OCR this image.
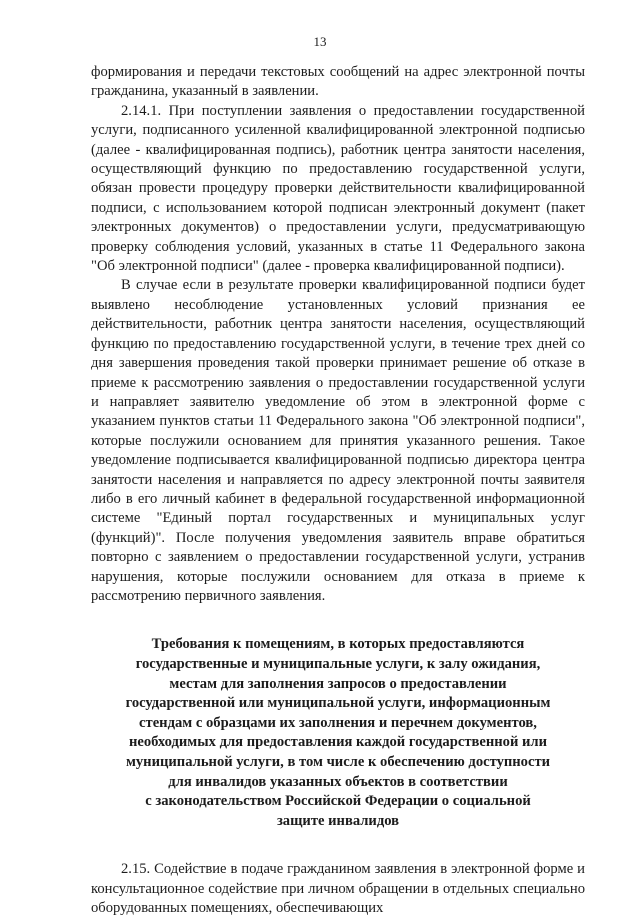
13

формирования и передачи текстовых сообщений на адрес электронной почты гражданина, указанный в заявлении.

2.14.1. При поступлении заявления о предоставлении государственной услуги, подписанного усиленной квалифицированной электронной подписью (далее - квалифицированная подпись), работник центра занятости населения, осуществляющий функцию по предоставлению государственной услуги, обязан провести процедуру проверки действительности квалифицированной подписи, с использованием которой подписан электронный документ (пакет электронных документов) о предоставлении услуги, предусматривающую проверку соблюдения условий, указанных в статье 11 Федерального закона "Об электронной подписи" (далее - проверка квалифицированной подписи).

В случае если в результате проверки квалифицированной подписи будет выявлено несоблюдение установленных условий признания ее действительности, работник центра занятости населения, осуществляющий функцию по предоставлению государственной услуги, в течение трех дней со дня завершения проведения такой проверки принимает решение об отказе в приеме к рассмотрению заявления о предоставлении государственной услуги и направляет заявителю уведомление об этом в электронной форме с указанием пунктов статьи 11 Федерального закона "Об электронной подписи", которые послужили основанием для принятия указанного решения. Такое уведомление подписывается квалифицированной подписью директора центра занятости населения и направляется по адресу электронной почты заявителя либо в его личный кабинет в федеральной государственной информационной системе "Единый портал государственных и муниципальных услуг (функций)". После получения уведомления заявитель вправе обратиться повторно с заявлением о предоставлении государственной услуги, устранив нарушения, которые послужили основанием для отказа в приеме к рассмотрению первичного заявления.

Требования к помещениям, в которых предоставляются
государственные и муниципальные услуги, к залу ожидания,
местам для заполнения запросов о предоставлении
государственной или муниципальной услуги, информационным
стендам с образцами их заполнения и перечнем документов,
необходимых для предоставления каждой государственной или
муниципальной услуги, в том числе к обеспечению доступности
для инвалидов указанных объектов в соответствии
с законодательством Российской Федерации о социальной
защите инвалидов

2.15. Содействие в подаче гражданином заявления в электронной форме и консультационное содействие при личном обращении в отдельных специально оборудованных помещениях, обеспечивающих
